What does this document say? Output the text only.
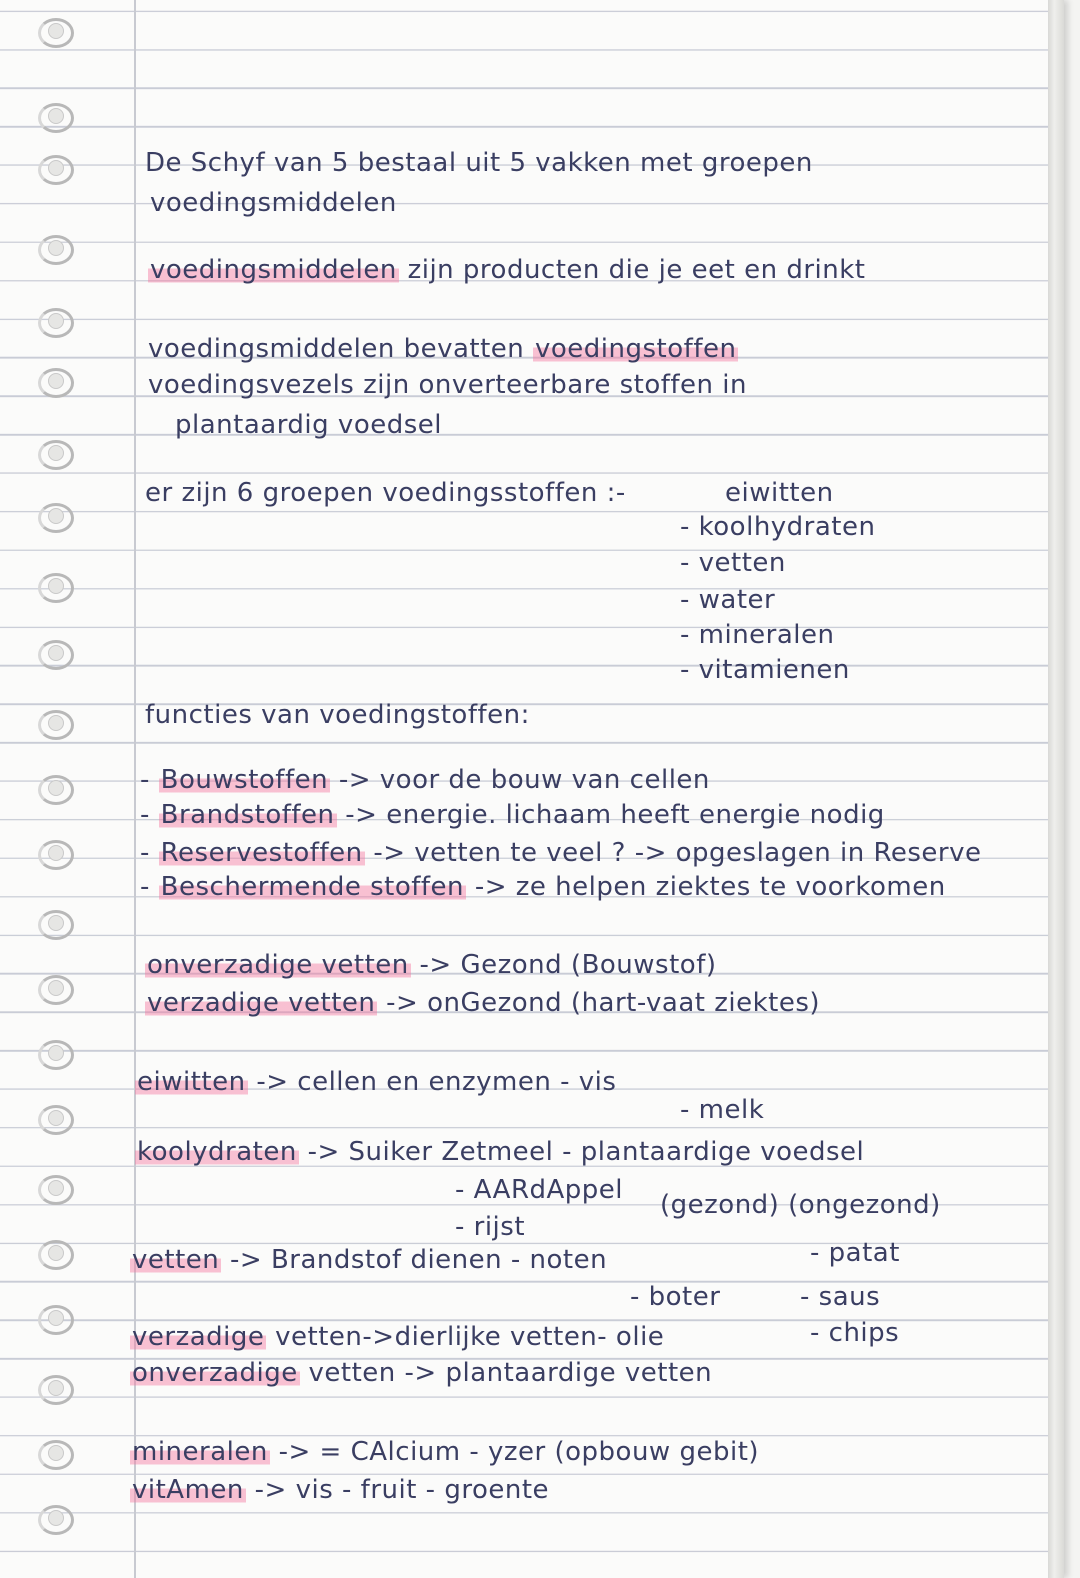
De Schyf van 5 bestaal uit 5 vakken met groepen
voedingsmiddelen
voedingsmiddelen zijn producten die je eet en drinkt
voedingsmiddelen bevatten voedingstoffen
voedingsvezels zijn onverteerbare stoffen in
plantaardig voedsel
er zijn 6 groepen voedingsstoffen :-	eiwitten
- koolhydraten
- vetten
- water
- mineralen
- vitamienen
functies van voedingstoffen:
- Bouwstoffen -> voor de bouw van cellen
- Brandstoffen -> energie. lichaam heeft energie nodig
- Reservestoffen -> vetten te veel ? -> opgeslagen in Reserve
- Beschermende stoffen -> ze helpen ziektes te voorkomen
onverzadige vetten -> Gezond (Bouwstof)
verzadige vetten -> onGezond (hart-vaat ziektes)
eiwitten -> cellen en enzymen - vis
- melk
koolydraten -> Suiker Zetmeel - plantaardige voedsel
- AARdAppel (gezond) (ongezond)
- rijst
vetten -> Brandstof dienen - noten	- patat
- boter	- saus
verzadige vetten->dierlijke vetten- olie	- chips
onverzadige vetten -> plantaardige vetten
mineralen -> = CAlcium - yzer (opbouw gebit)
vitAmen -> vis - fruit - groente
